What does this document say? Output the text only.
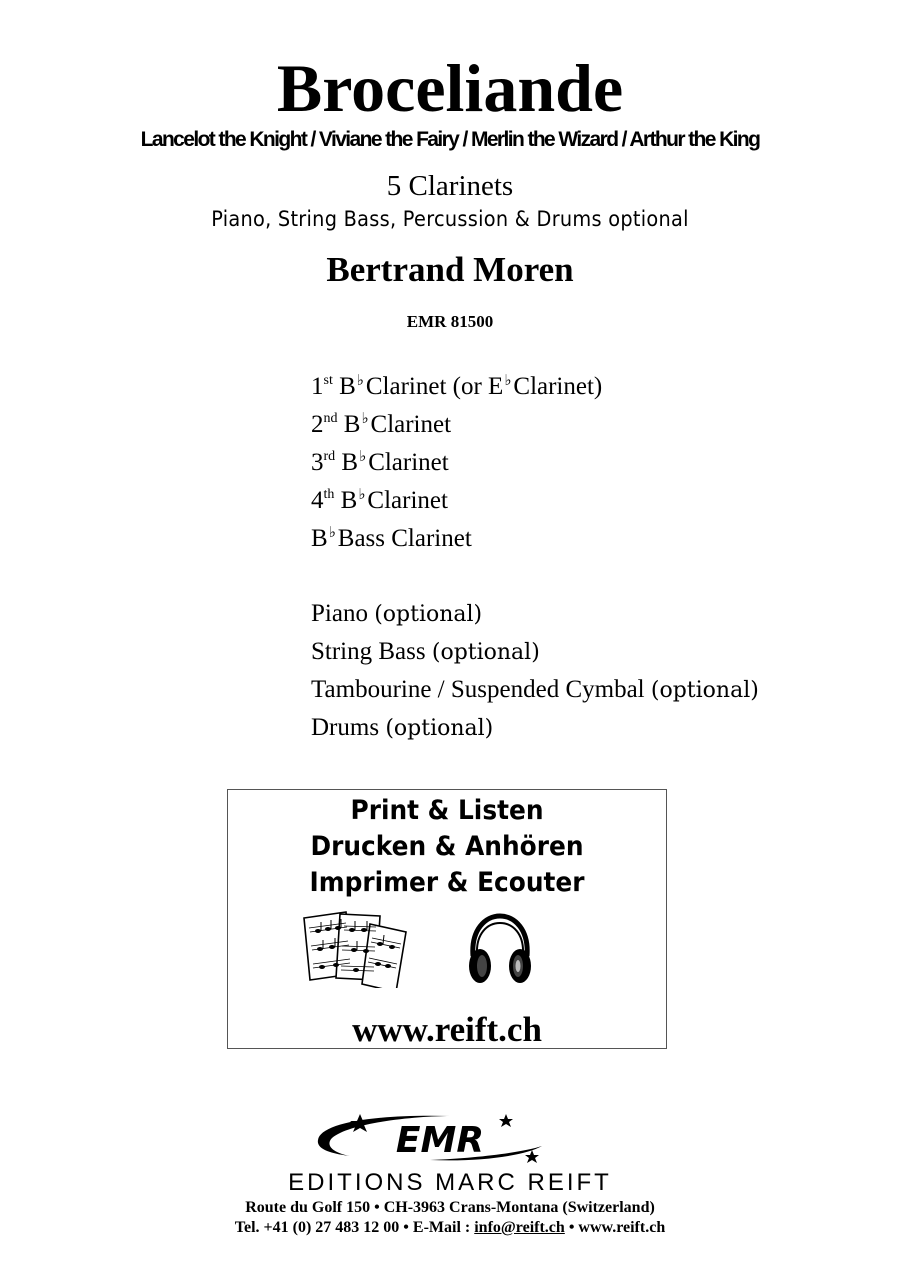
Broceliande
Lancelot the Knight / Viviane the Fairy / Merlin the Wizard / Arthur the King
5 Clarinets
Piano, String Bass, Percussion & Drums optional
Bertrand Moren
EMR 81500
1st B♭Clarinet (or E♭Clarinet)
2nd B♭Clarinet
3rd B♭Clarinet
4th B♭Clarinet
B♭Bass Clarinet
Piano (optional)
String Bass (optional)
Tambourine / Suspended Cymbal (optional)
Drums (optional)
Print & Listen
Drucken & Anhören
Imprimer & Ecouter
www.reift.ch
EMR
EDITIONS MARC REIFT
Route du Golf 150 • CH-3963 Crans-Montana (Switzerland)
Tel. +41 (0) 27 483 12 00 • E-Mail : info@reift.ch • www.reift.ch
